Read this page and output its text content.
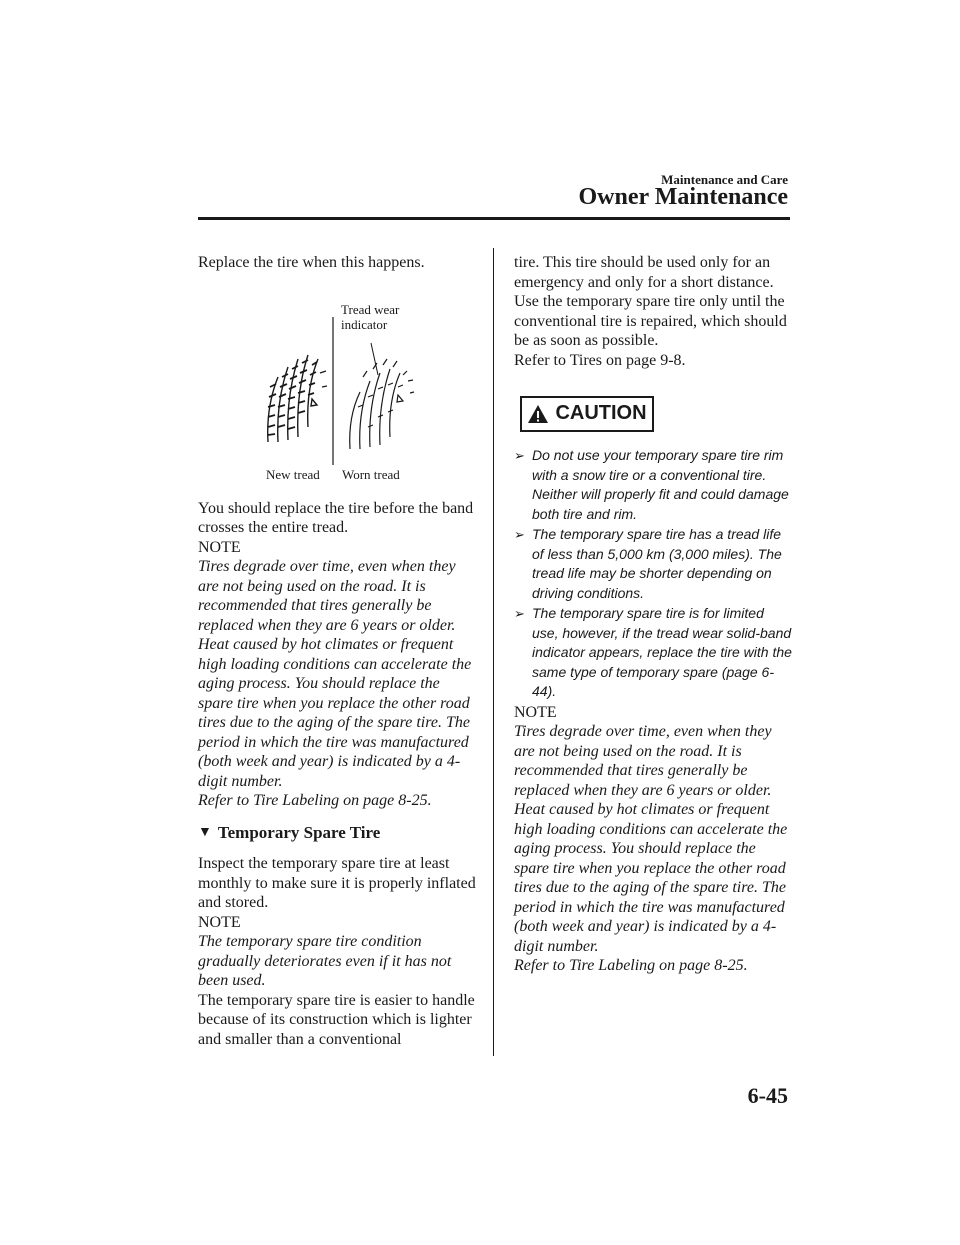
Maintenance and Care
Owner Maintenance

Replace the tire when this happens.

Tread wear indicator
New tread Worn tread

You should replace the tire before the band crosses the entire tread.

NOTE

Tires degrade over time, even when they are not being used on the road. It is recommended that tires generally be replaced when they are 6 years or older. Heat caused by hot climates or frequent high loading conditions can accelerate the aging process. You should replace the spare tire when you replace the other road tires due to the aging of the spare tire. The period in which the tire was manufactured (both week and year) is indicated by a 4-digit number.

Refer to Tire Labeling on page 8-25.

▼ Temporary Spare Tire

Inspect the temporary spare tire at least monthly to make sure it is properly inflated and stored.

NOTE

The temporary spare tire condition gradually deteriorates even if it has not been used.

The temporary spare tire is easier to handle because of its construction which is lighter and smaller than a conventional

tire. This tire should be used only for an emergency and only for a short distance.

Use the temporary spare tire only until the conventional tire is repaired, which should be as soon as possible.

Refer to Tires on page 9-8.

CAUTION
➢ Do not use your temporary spare tire rim with a snow tire or a conventional tire. Neither will properly fit and could damage both tire and rim.
➢ The temporary spare tire has a tread life of less than 5,000 km (3,000 miles). The tread life may be shorter depending on driving conditions.
➢ The temporary spare tire is for limited use, however, if the tread wear solid-band indicator appears, replace the tire with the same type of temporary spare (page 6-44).

NOTE

Tires degrade over time, even when they are not being used on the road. It is recommended that tires generally be replaced when they are 6 years or older. Heat caused by hot climates or frequent high loading conditions can accelerate the aging process. You should replace the spare tire when you replace the other road tires due to the aging of the spare tire. The period in which the tire was manufactured (both week and year) is indicated by a 4-digit number.

Refer to Tire Labeling on page 8-25.

6-45
